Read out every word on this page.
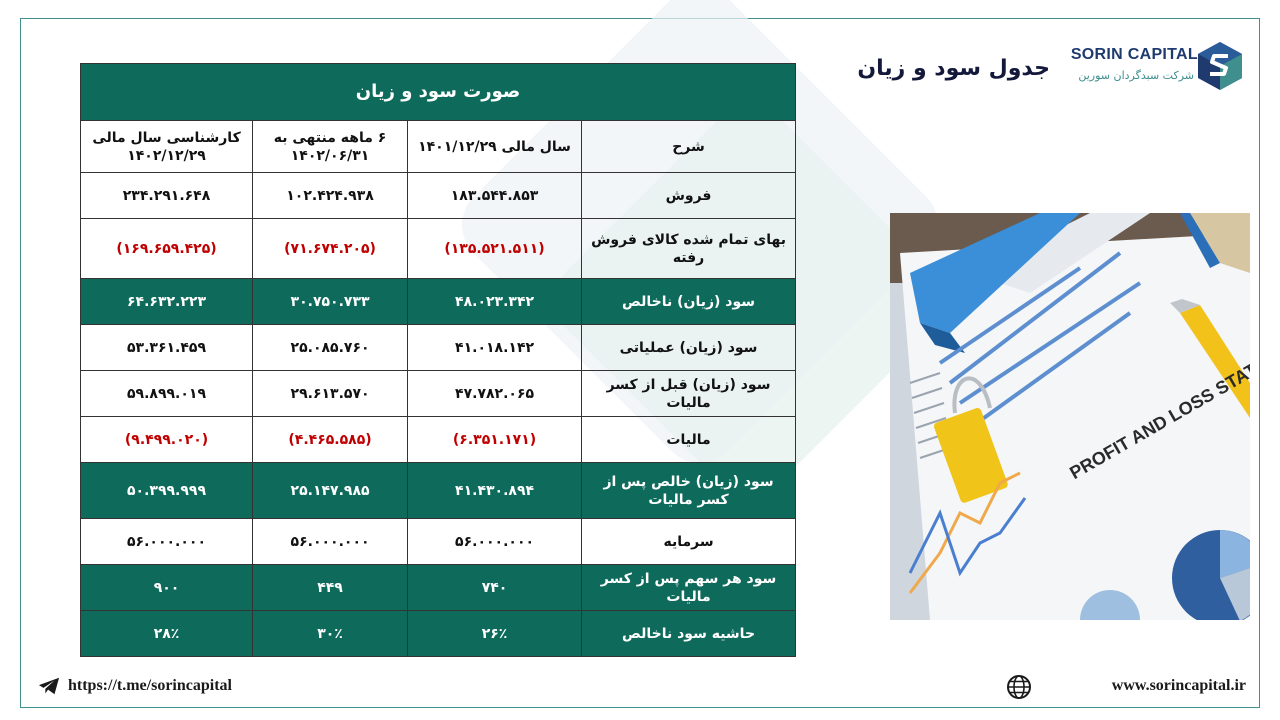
SORIN CAPITAL
شرکت سبدگردان سورین
جدول سود و زیان
صورت سود و زیان			
شرح	سال مالی ۱۴۰۱/۱۲/۲۹	۶ ماهه منتهی به ۱۴۰۲/۰۶/۳۱	کارشناسی سال مالی ۱۴۰۲/۱۲/۲۹
فروش	۱۸۳.۵۴۴.۸۵۳	۱۰۲.۴۲۴.۹۳۸	۲۳۴.۲۹۱.۶۴۸
بهای تمام شده کالای فروش رفته	(۱۳۵.۵۲۱.۵۱۱)	(۷۱.۶۷۴.۲۰۵)	(۱۶۹.۶۵۹.۴۲۵)
سود (زیان) ناخالص	۴۸.۰۲۳.۳۴۲	۳۰.۷۵۰.۷۳۳	۶۴.۶۳۲.۲۲۳
سود (زیان) عملیاتی	۴۱.۰۱۸.۱۴۲	۲۵.۰۸۵.۷۶۰	۵۳.۳۶۱.۴۵۹
سود (زیان) قبل از کسر مالیات	۴۷.۷۸۲.۰۶۵	۲۹.۶۱۳.۵۷۰	۵۹.۸۹۹.۰۱۹
مالیات	(۶.۳۵۱.۱۷۱)	(۴.۴۶۵.۵۸۵)	(۹.۴۹۹.۰۲۰)
سود (زیان) خالص پس از کسر مالیات	۴۱.۴۳۰.۸۹۴	۲۵.۱۴۷.۹۸۵	۵۰.۳۹۹.۹۹۹
سرمایه	۵۶.۰۰۰.۰۰۰	۵۶.۰۰۰.۰۰۰	۵۶.۰۰۰.۰۰۰
سود هر سهم پس از کسر مالیات	۷۴۰	۴۴۹	۹۰۰
حاشیه سود ناخالص	۲۶٪	۳۰٪	۲۸٪
https://t.me/sorincapital	www.sorincapital.ir
